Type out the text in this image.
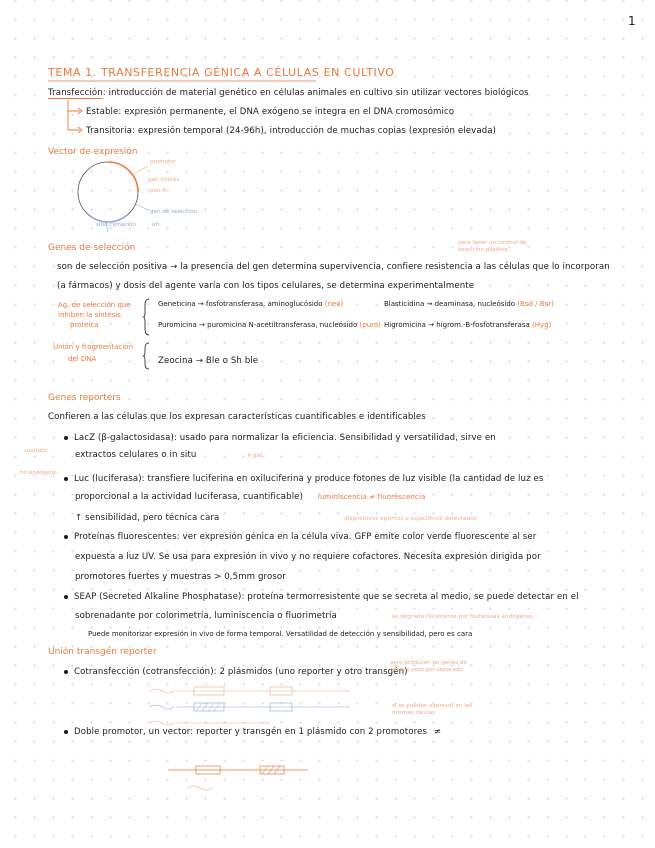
1
TEMA 1. TRANSFERENCIA GÉNICA A CÉLULAS EN CULTIVO
Transfección: introducción de material genético en células animales en cultivo sin utilizar vectores biológicos
Estable: expresión permanente, el DNA exógeno se integra en el DNA cromosómico
Transitoria: expresión temporal (24-96h), introducción de muchas copias (expresión elevada)
Vector de expresión
promotor
gen interés
poli A
gen de selección
sitio clonación	ori
Genes de selección	para tener un control de selección positiva
son de selección positiva → la presencia del gen determina supervivencia, confiere resistencia a las células que lo incorporan
(a fármacos) y dosis del agente varía con los tipos celulares, se determina experimentalmente
Ag. de selección que
inhiben la síntesis
proteica
Geneticina → fosfotransferasa, aminoglucósido (neo)	Blasticidina → deaminasa, nucleósido (Bsd / Bsr)
Puromicina → puromicina N-acetiltransferasa, nucleósido (puro) Higromicina → higrom.-B-fosfotransferasa (Hyg)
Unión y fragmentación
del DNA	Zeocina → Ble o Sh ble
Genes reporters
Confieren a las células que los expresan características cuantificables e identificables
sustrato
no endógeno
LacZ (β-galactosidasa): usado para normalizar la eficiencia. Sensibilidad y versatilidad, sirve en
extractos celulares o in situ	X-gal
Luc (luciferasa): transfiere luciferina en oxiluciferina y produce fotones de luz visible (la cantidad de luz es
proporcional a la actividad luciferasa, cuantificable) luminiscencia ≠ fluorescencia
↑ sensibilidad, pero técnica cara	dispositivos óptimos o específicos detectados
Proteínas fluorescentes: ver expresión génica en la célula viva. GFP emite color verde fluorescente al ser
expuesta a luz UV. Se usa para expresión in vivo y no requiere cofactores. Necesita expresión dirigida por
promotores fuertes y muestras > 0,5mm grosor
SEAP (Secreted Alkaline Phosphatase): proteína termorresistente que se secreta al medio, se puede detectar en el
sobrenadante por colorimetría, luminiscencia o fluorimetría	se degrada fácilmente por fosfatasas endógenas
Puede monitorizar expresión in vivo de forma temporal. Versatilidad de detección y sensibilidad, pero es cara
Unión transgén reporter
Cotransfección (cotransfección): 2 plásmidos (uno reporter y otro transgén)
pero producen en genes de células pero por separado
si se pueden expresar en las mismas células
Doble promotor, un vector: reporter y transgén en 1 plásmido con 2 promotores ≠
